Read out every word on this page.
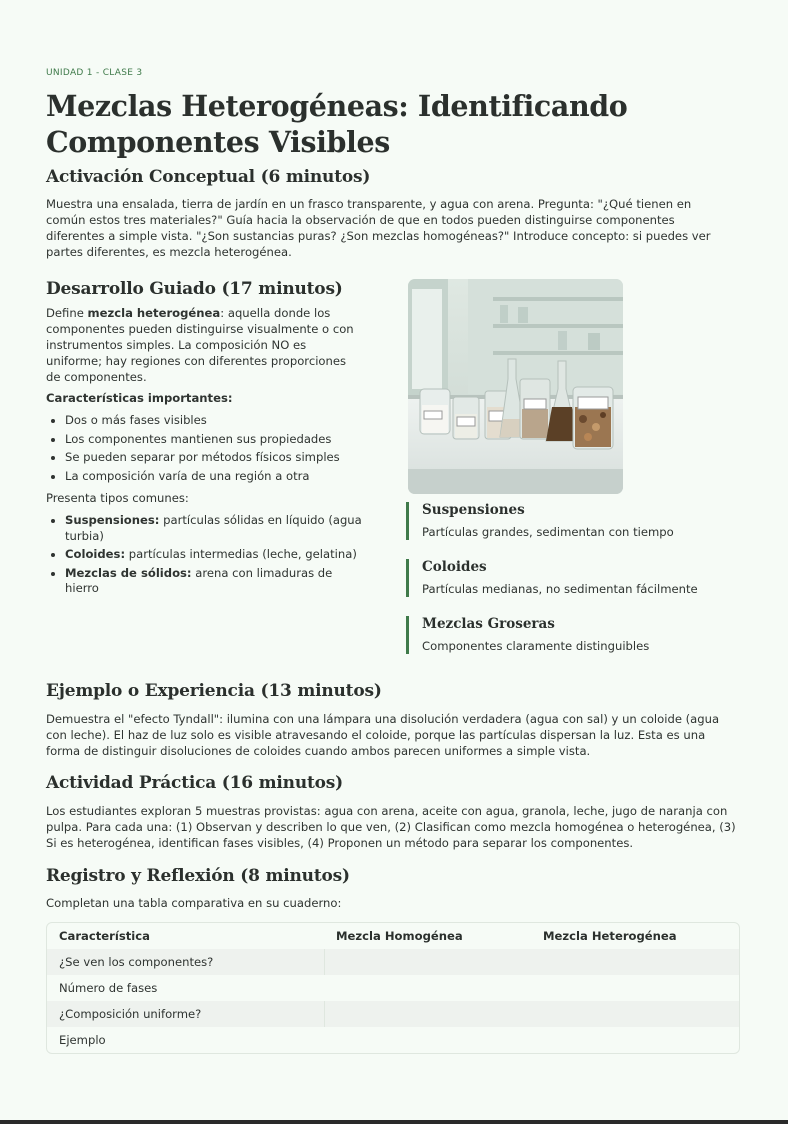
UNIDAD 1 - CLASE 3
Mezclas Heterogéneas: Identificando Componentes Visibles
Activación Conceptual (6 minutos)

Muestra una ensalada, tierra de jardín en un frasco transparente, y agua con arena. Pregunta: "¿Qué tienen en común estos tres materiales?" Guía hacia la observación de que en todos pueden distinguirse componentes diferentes a simple vista. "¿Son sustancias puras? ¿Son mezclas homogéneas?" Introduce concepto: si puedes ver partes diferentes, es mezcla heterogénea.

Desarrollo Guiado (17 minutos)

Define mezcla heterogénea: aquella donde los componentes pueden distinguirse visualmente o con instrumentos simples. La composición NO es uniforme; hay regiones con diferentes proporciones de componentes.

Características importantes:

• Dos o más fases visibles
• Los componentes mantienen sus propiedades
• Se pueden separar por métodos físicos simples
• La composición varía de una región a otra

Presenta tipos comunes:

• Suspensiones: partículas sólidas en líquido (agua turbia)
• Coloides: partículas intermedias (leche, gelatina)
• Mezclas de sólidos: arena con limaduras de hierro
Suspensiones

Partículas grandes, sedimentan con tiempo

Coloides

Partículas medianas, no sedimentan fácilmente

Mezclas Groseras

Componentes claramente distinguibles

Ejemplo o Experiencia (13 minutos)

Demuestra el "efecto Tyndall": ilumina con una lámpara una disolución verdadera (agua con sal) y un coloide (agua con leche). El haz de luz solo es visible atravesando el coloide, porque las partículas dispersan la luz. Esta es una forma de distinguir disoluciones de coloides cuando ambos parecen uniformes a simple vista.

Actividad Práctica (16 minutos)

Los estudiantes exploran 5 muestras provistas: agua con arena, aceite con agua, granola, leche, jugo de naranja con pulpa. Para cada una: (1) Observan y describen lo que ven, (2) Clasifican como mezcla homogénea o heterogénea, (3) Si es heterogénea, identifican fases visibles, (4) Proponen un método para separar los componentes.

Registro y Reflexión (8 minutos)

Completan una tabla comparativa en su cuaderno:

Característica	Mezcla Homogénea	Mezcla Heterogénea
¿Se ven los componentes?		
Número de fases		
¿Composición uniforme?		
Ejemplo		
